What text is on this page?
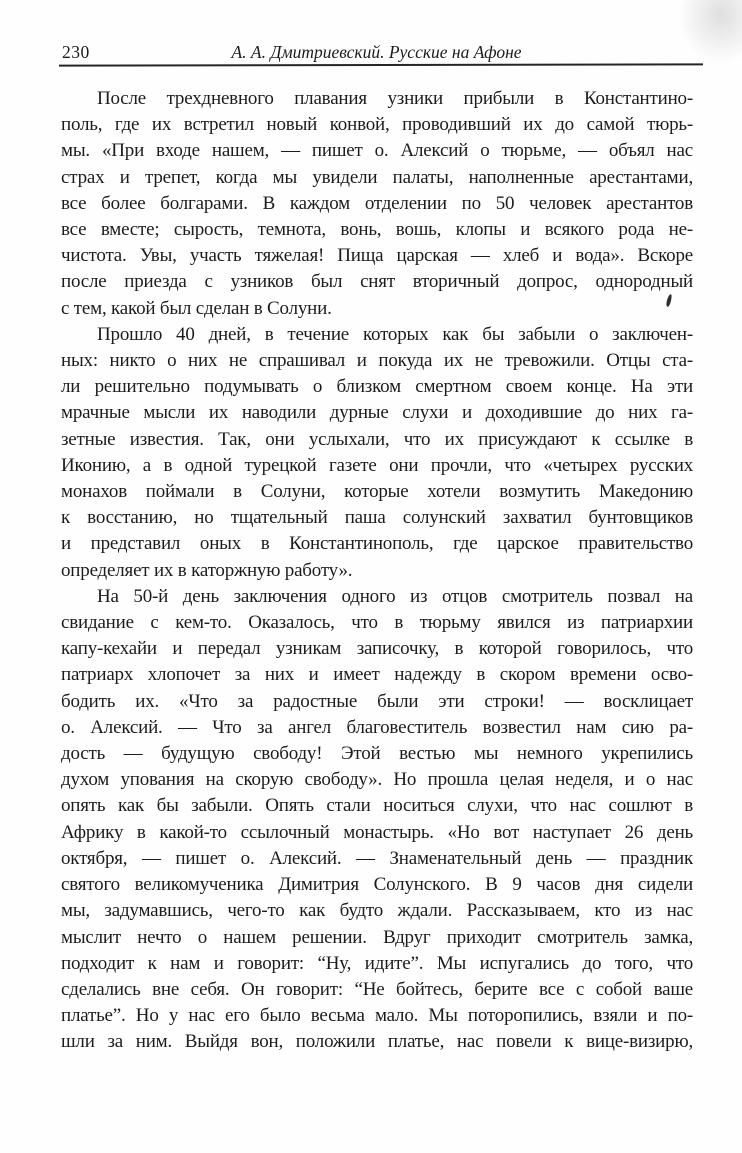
230	А. А. Дмитриевский. Русские на Афоне
После трехдневного плавания узники прибыли в Константино-
поль, где их встретил новый конвой, проводивший их до самой тюрь-
мы. «При входе нашем, — пишет о. Алексий о тюрьме, — объял нас
страх и трепет, когда мы увидели палаты, наполненные арестантами,
все более болгарами. В каждом отделении по 50 человек арестантов
все вместе; сырость, темнота, вонь, вошь, клопы и всякого рода не-
чистота. Увы, участь тяжелая! Пища царская — хлеб и вода». Вскоре
после приезда с узников был снят вторичный допрос, однородный
с тем, какой был сделан в Солуни.
Прошло 40 дней, в течение которых как бы забыли о заключен-
ных: никто о них не спрашивал и покуда их не тревожили. Отцы ста-
ли решительно подумывать о близком смертном своем конце. На эти
мрачные мысли их наводили дурные слухи и доходившие до них га-
зетные известия. Так, они услыхали, что их присуждают к ссылке в
Иконию, а в одной турецкой газете они прочли, что «четырех русских
монахов поймали в Солуни, которые хотели возмутить Македонию
к восстанию, но тщательный паша солунский захватил бунтовщиков
и представил оных в Константинополь, где царское правительство
определяет их в каторжную работу».
На 50-й день заключения одного из отцов смотритель позвал на
свидание с кем-то. Оказалось, что в тюрьму явился из патриархии
капу-кехайи и передал узникам записочку, в которой говорилось, что
патриарх хлопочет за них и имеет надежду в скором времени осво-
бодить их. «Что за радостные были эти строки! — восклицает
о. Алексий. — Что за ангел благовеститель возвестил нам сию ра-
дость — будущую свободу! Этой вестью мы немного укрепились
духом упования на скорую свободу». Но прошла целая неделя, и о нас
опять как бы забыли. Опять стали носиться слухи, что нас сошлют в
Африку в какой-то ссылочный монастырь. «Но вот наступает 26 день
октября, — пишет о. Алексий. — Знаменательный день — праздник
святого великомученика Димитрия Солунского. В 9 часов дня сидели
мы, задумавшись, чего-то как будто ждали. Рассказываем, кто из нас
мыслит нечто о нашем решении. Вдруг приходит смотритель замка,
подходит к нам и говорит: “Ну, идите”. Мы испугались до того, что
сделались вне себя. Он говорит: “Не бойтесь, берите все с собой ваше
платье”. Но у нас его было весьма мало. Мы поторопились, взяли и по-
шли за ним. Выйдя вон, положили платье, нас повели к вице-визирю,
